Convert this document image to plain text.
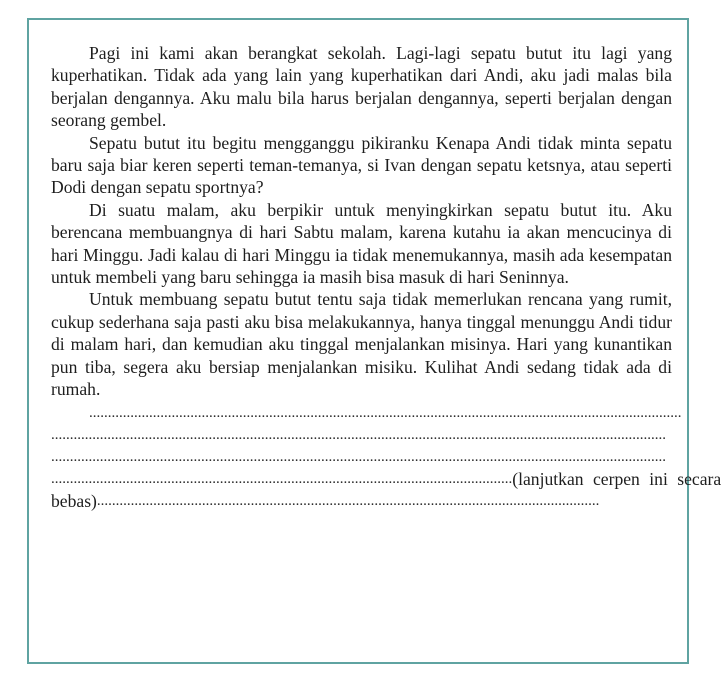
Pagi ini kami akan berangkat sekolah. Lagi-lagi sepatu butut itu lagi yang kuperhatikan. Tidak ada yang lain yang kuperhatikan dari Andi, aku jadi malas bila berjalan dengannya. Aku malu bila harus berjalan dengannya, seperti berjalan dengan seorang gembel.

Sepatu butut itu begitu mengganggu pikiranku Kenapa Andi tidak minta sepatu baru saja biar keren seperti teman-temanya, si Ivan dengan sepatu ketsnya, atau seperti Dodi dengan sepatu sportnya?

Di suatu malam, aku berpikir untuk menyingkirkan sepatu butut itu. Aku berencana membuangnya di hari Sabtu malam, karena kutahu ia akan mencucinya di hari Minggu. Jadi kalau di hari Minggu ia tidak menemukannya, masih ada kesempatan untuk membeli yang baru sehingga ia masih bisa masuk di hari Seninnya.

Untuk membuang sepatu butut tentu saja tidak memerlukan rencana yang rumit, cukup sederhana saja pasti aku bisa melakukannya, hanya tinggal menunggu Andi tidur di malam hari, dan kemudian aku tinggal menjalankan misinya. Hari yang kunantikan pun tiba, segera aku bersiap menjalankan misiku. Kulihat Andi sedang tidak ada di rumah.

..............................................................................................................................................................
....................................................................................................................................................................
....................................................................................................................................................................
........................................................................................................................... (lanjutkan cerpen ini secara
bebas) ......................................................................................................................................
